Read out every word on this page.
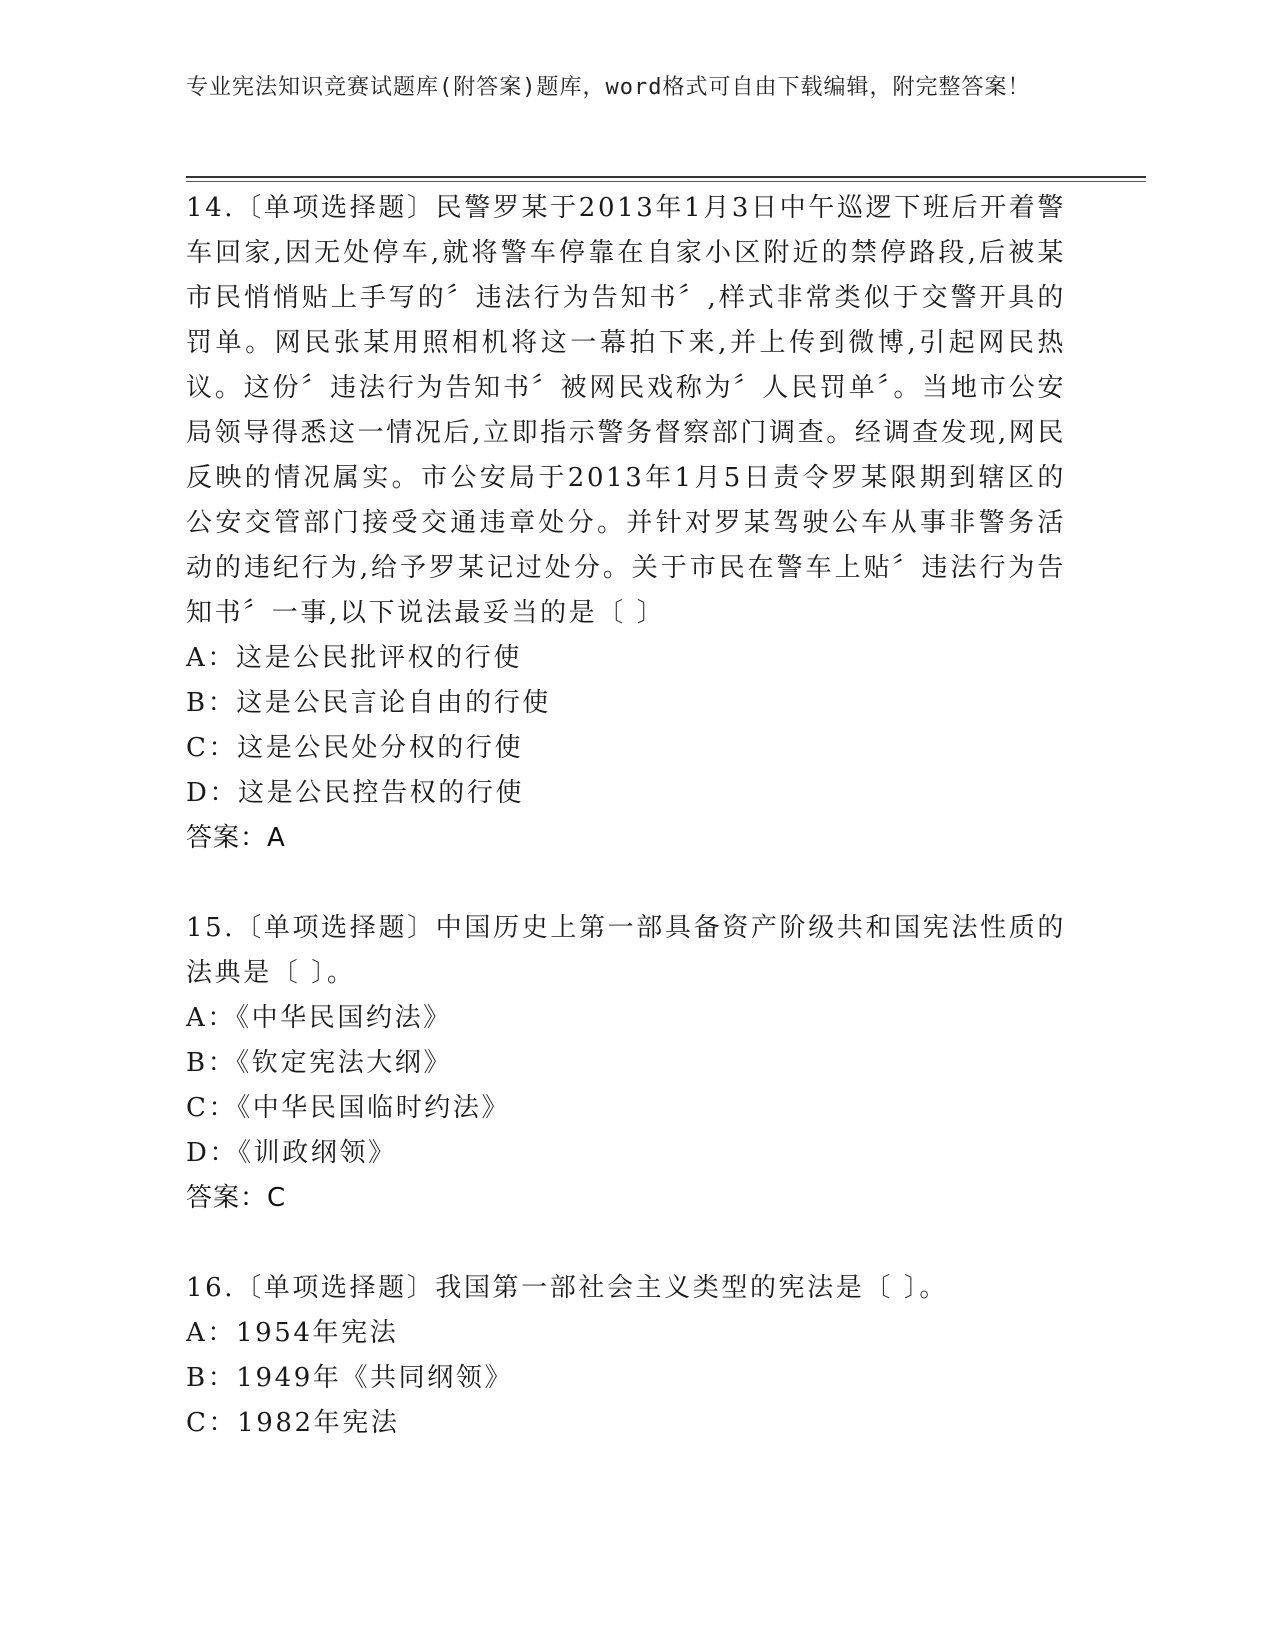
专业宪法知识竞赛试题库(附答案)题库，word格式可自由下载编辑，附完整答案！
14.〔单项选择题〕民警罗某于2013年1月3日中午巡逻下班后开着警车回家,因无处停车,就将警车停靠在自家小区附近的禁停路段,后被某市民悄悄贴上手写的〞违法行为告知书〞,样式非常类似于交警开具的罚单。网民张某用照相机将这一幕拍下来,并上传到微博,引起网民热议。这份〞违法行为告知书〞被网民戏称为〞人民罚单〞。当地市公安局领导得悉这一情况后,立即指示警务督察部门调查。经调查发现,网民反映的情况属实。市公安局于2013年1月5日责令罗某限期到辖区的公安交管部门接受交通违章处分。并针对罗某驾驶公车从事非警务活动的违纪行为,给予罗某记过处分。关于市民在警车上贴〞违法行为告知书〞一事,以下说法最妥当的是〔 〕
A：这是公民批评权的行使
B：这是公民言论自由的行使
C：这是公民处分权的行使
D：这是公民控告权的行使
答案：A
15.〔单项选择题〕中国历史上第一部具备资产阶级共和国宪法性质的法典是〔 〕。
A：《中华民国约法》
B：《钦定宪法大纲》
C：《中华民国临时约法》
D：《训政纲领》
答案：C
16.〔单项选择题〕我国第一部社会主义类型的宪法是〔 〕。
A：1954年宪法
B：1949年《共同纲领》
C：1982年宪法
